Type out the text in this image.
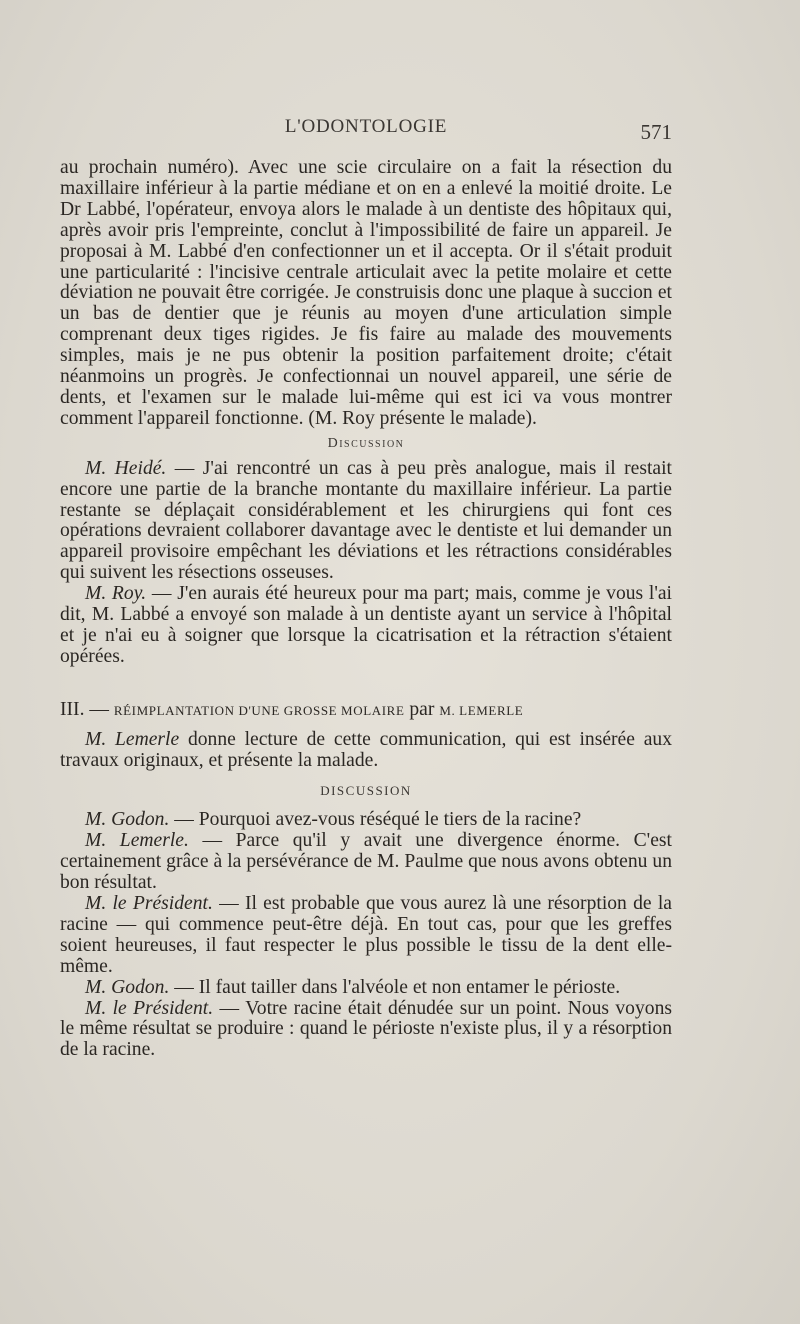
L'ODONTOLOGIE	571

au prochain numéro). Avec une scie circulaire on a fait la résection du maxillaire inférieur à la partie médiane et on en a enlevé la moitié droite. Le Dr Labbé, l'opérateur, envoya alors le malade à un dentiste des hôpitaux qui, après avoir pris l'empreinte, conclut à l'impossibilité de faire un appareil. Je proposai à M. Labbé d'en confectionner un et il accepta. Or il s'était produit une particularité : l'incisive centrale articulait avec la petite molaire et cette déviation ne pouvait être corrigée. Je construisis donc une plaque à succion et un bas de dentier que je réunis au moyen d'une articulation simple comprenant deux tiges rigides. Je fis faire au malade des mouvements simples, mais je ne pus obtenir la position parfaitement droite; c'était néanmoins un progrès. Je confectionnai un nouvel appareil, une série de dents, et l'examen sur le malade lui-même qui est ici va vous montrer comment l'appareil fonctionne. (M. Roy présente le malade).

Discussion

M. Heidé. — J'ai rencontré un cas à peu près analogue, mais il restait encore une partie de la branche montante du maxillaire inférieur. La partie restante se déplaçait considérablement et les chirurgiens qui font ces opérations devraient collaborer davantage avec le dentiste et lui demander un appareil provisoire empêchant les déviations et les rétractions considérables qui suivent les résections osseuses.

M. Roy. — J'en aurais été heureux pour ma part; mais, comme je vous l'ai dit, M. Labbé a envoyé son malade à un dentiste ayant un service à l'hôpital et je n'ai eu à soigner que lorsque la cicatrisation et la rétraction s'étaient opérées.

III. — RÉIMPLANTATION D'UNE GROSSE MOLAIRE par M. LEMERLE

M. Lemerle donne lecture de cette communication, qui est insérée aux travaux originaux, et présente la malade.

DISCUSSION

M. Godon. — Pourquoi avez-vous réséqué le tiers de la racine?

M. Lemerle. — Parce qu'il y avait une divergence énorme. C'est certainement grâce à la persévérance de M. Paulme que nous avons obtenu un bon résultat.

M. le Président. — Il est probable que vous aurez là une résorption de la racine — qui commence peut-être déjà. En tout cas, pour que les greffes soient heureuses, il faut respecter le plus possible le tissu de la dent elle-même.

M. Godon. — Il faut tailler dans l'alvéole et non entamer le périoste.

M. le Président. — Votre racine était dénudée sur un point. Nous voyons le même résultat se produire : quand le périoste n'existe plus, il y a résorption de la racine.
